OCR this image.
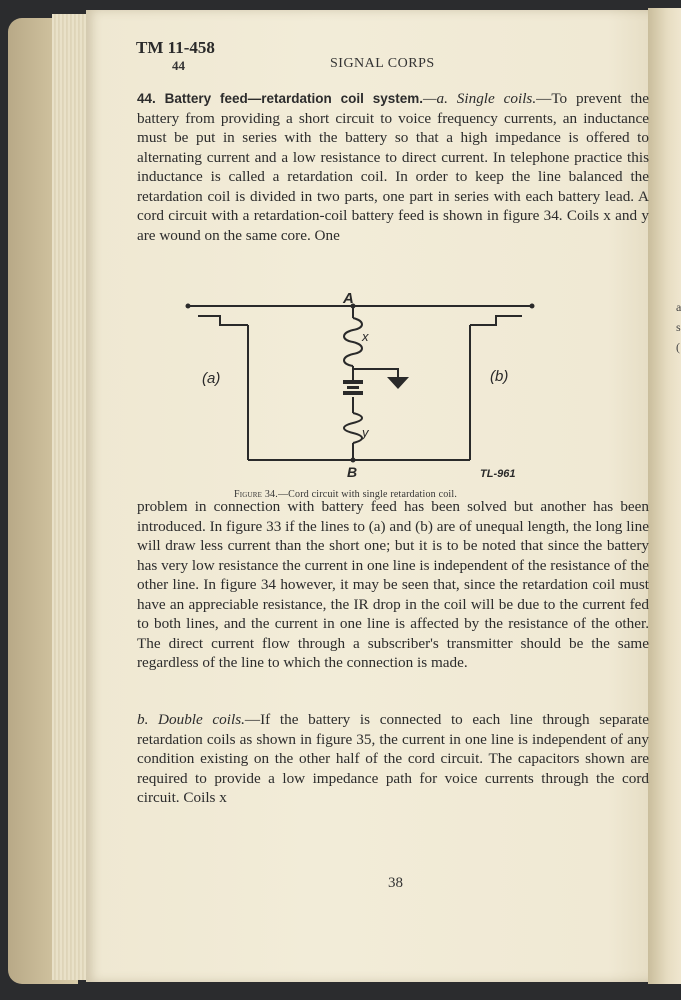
a
s
(
TM 11-458
44	SIGNAL CORPS

44. Battery feed—retardation coil system.—a. Single coils.—To prevent the battery from providing a short circuit to voice frequency currents, an inductance must be put in series with the battery so that a high impedance is offered to alternating current and a low resistance to direct current. In telephone practice this inductance is called a retardation coil. In order to keep the line balanced the retardation coil is divided in two parts, one part in series with each battery lead. A cord circuit with a retardation-coil battery feed is shown in figure 34. Coils x and y are wound on the same core. One

A
B
(a)	(b)
x
y
TL-961
Figure 34.—Cord circuit with single retardation coil.

problem in connection with battery feed has been solved but another has been introduced. In figure 33 if the lines to (a) and (b) are of unequal length, the long line will draw less current than the short one; but it is to be noted that since the battery has very low resistance the current in one line is independent of the resistance of the other line. In figure 34 however, it may be seen that, since the retardation coil must have an appreciable resistance, the IR drop in the coil will be due to the current fed to both lines, and the current in one line is affected by the resistance of the other. The direct current flow through a subscriber's transmitter should be the same regardless of the line to which the connection is made.

b. Double coils.—If the battery is connected to each line through separate retardation coils as shown in figure 35, the current in one line is independent of any condition existing on the other half of the cord circuit. The capacitors shown are required to provide a low impedance path for voice currents through the cord circuit. Coils x

38
